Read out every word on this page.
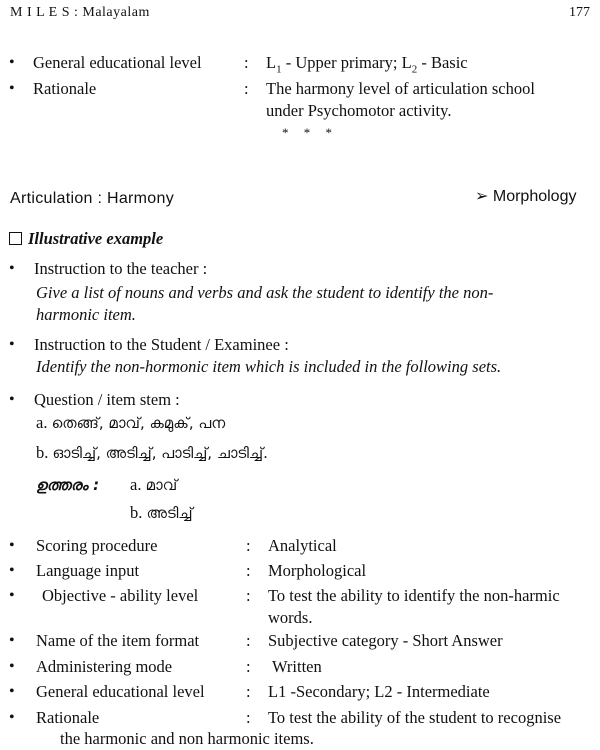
M I L E S : Malayalam	177
• General educational level	: $L_1$ - Upper primary; $L_2$ - Basic
• Rationale	: The harmony level of articulation school under Psychomotor activity.
* * *
Articulation : Harmony	➢ Morphology
Illustrative example
• Instruction to the teacher :
Give a list of nouns and verbs and ask the student to identify the non-harmonic item.
• Instruction to the Student / Examinee :
Identify the non-hormonic item which is included in the following sets.
• Question / item stem :
a. തെങ്ങ്, മാവ്, കമുക്, പന
b. ഓടിച്ച്, അടിച്ച്, പാടിച്ച്, ചാടിച്ച്.
ഉത്തരം : a. മാവ്
b. അടിച്ച്
• Scoring procedure	: Analytical
• Language input	: Morphological
• Objective - ability level	: To test the ability to identify the non-harmic words.
• Name of the item format	: Subjective category - Short Answer
• Administering mode	: Written
• General educational level	: L1 -Secondary; L2 - Intermediate
• Rationale	: To test the ability of the student to recognise
the harmonic and non harmonic items.
